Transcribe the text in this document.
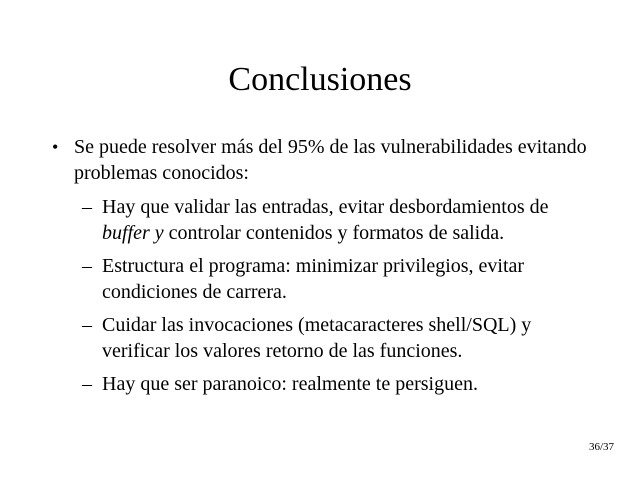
Conclusiones
• Se puede resolver más del 95% de las vulnerabilidades evitando problemas conocidos:
– Hay que validar las entradas, evitar desbordamientos de buffer y controlar contenidos y formatos de salida.
– Estructura el programa: minimizar privilegios, evitar condiciones de carrera.
– Cuidar las invocaciones (metacaracteres shell/SQL) y verificar los valores retorno de las funciones.
– Hay que ser paranoico: realmente te persiguen.
36/37
